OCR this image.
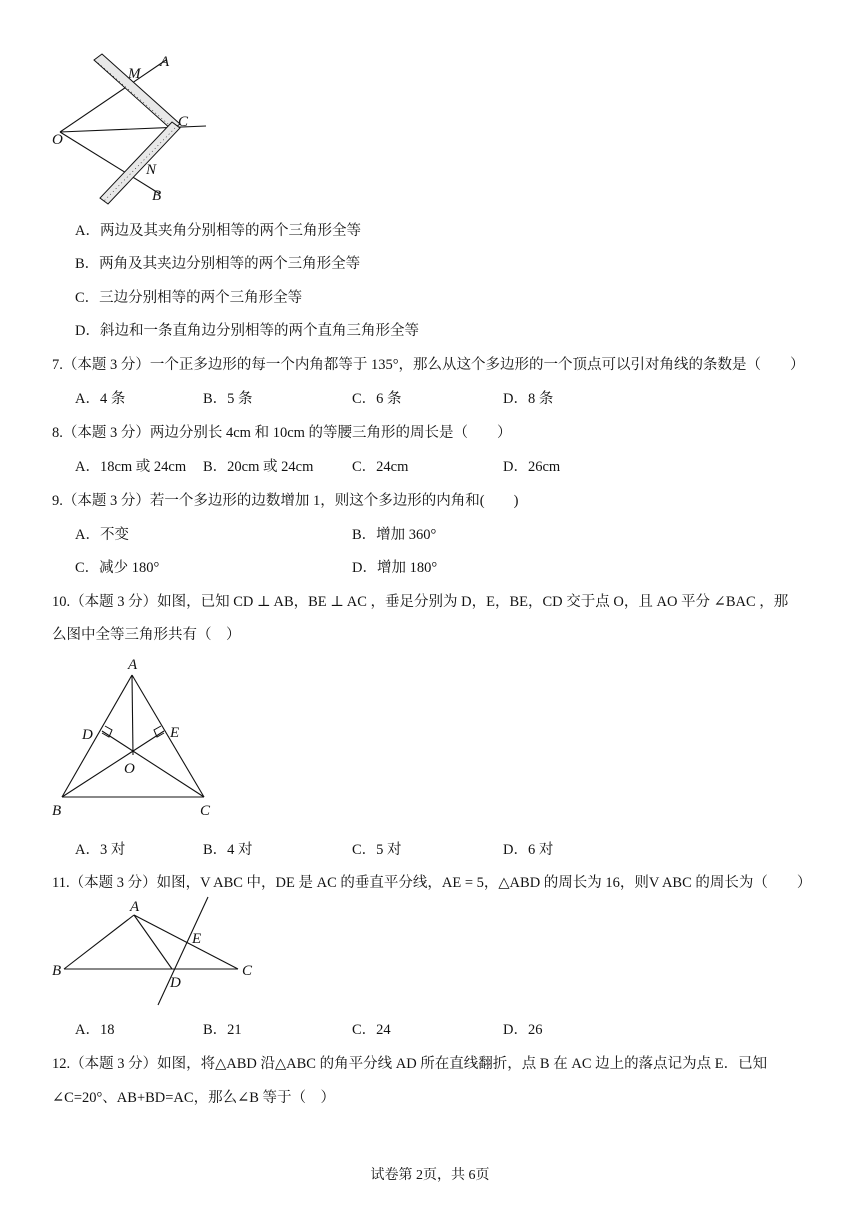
M
A
O
C
N
B
A．两边及其夹角分别相等的两个三角形全等
B．两角及其夹边分别相等的两个三角形全等
C．三边分别相等的两个三角形全等
D．斜边和一条直角边分别相等的两个直角三角形全等
7.（本题 3 分）一个正多边形的每一个内角都等于 135°，那么从这个多边形的一个顶点可以引对角线的条数是（　　）
A．4 条	B．5 条	C．6 条	D．8 条
8.（本题 3 分）两边分别长 4cm 和 10cm 的等腰三角形的周长是（　　）
A．18cm 或 24cm B．20cm 或 24cm	C．24cm	D．26cm
9.（本题 3 分）若一个多边形的边数增加 1，则这个多边形的内角和(　　)
A．不变	B．增加 360°
C．减少 180°	D．增加 180°
10.（本题 3 分）如图，已知 CD ⊥ AB，BE ⊥ AC ，垂足分别为 D，E，BE，CD 交于点 O，且 AO 平分 ∠BAC ，那
么图中全等三角形共有（　）
A
D	E
O
B	C
A．3 对	B．4 对	C．5 对	D．6 对
11.（本题 3 分）如图，V ABC 中，DE 是 AC 的垂直平分线，AE = 5，△ABD 的周长为 16，则V ABC 的周长为（　　）
A
E
B
D
C
A．18	B．21	C．24	D．26
12.（本题 3 分）如图，将△ABD 沿△ABC 的角平分线 AD 所在直线翻折，点 B 在 AC 边上的落点记为点 E．已知
∠C=20°、AB+BD=AC，那么∠B 等于（　）
试卷第 2页，共 6页
